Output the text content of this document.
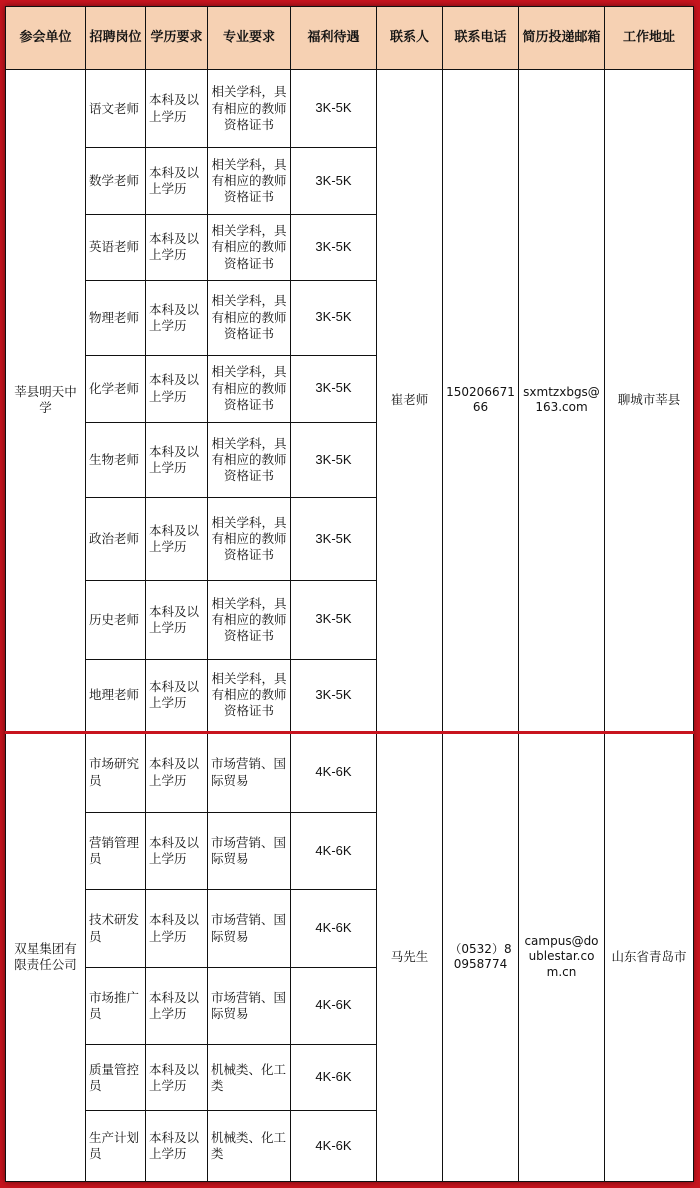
参会单位	招聘岗位	学历要求	专业要求	福利待遇	联系人	联系电话	简历投递邮箱	工作地址
莘县明天中学	语文老师	本科及以上学历	相关学科，具有相应的教师资格证书	3K-5K	崔老师	15020667166	sxmtzxbgs@163.com	聊城市莘县
	数学老师	本科及以上学历	相关学科，具有相应的教师资格证书	3K-5K				
	英语老师	本科及以上学历	相关学科，具有相应的教师资格证书	3K-5K				
	物理老师	本科及以上学历	相关学科，具有相应的教师资格证书	3K-5K				
	化学老师	本科及以上学历	相关学科，具有相应的教师资格证书	3K-5K				
	生物老师	本科及以上学历	相关学科，具有相应的教师资格证书	3K-5K				
	政治老师	本科及以上学历	相关学科，具有相应的教师资格证书	3K-5K				
	历史老师	本科及以上学历	相关学科，具有相应的教师资格证书	3K-5K				
	地理老师	本科及以上学历	相关学科，具有相应的教师资格证书	3K-5K				
双星集团有限责任公司	市场研究员	本科及以上学历	市场营销、国际贸易	4K-6K	马先生	（0532）80958774	campus@doublestar.com.cn	山东省青岛市
	营销管理员	本科及以上学历	市场营销、国际贸易	4K-6K				
	技术研发员	本科及以上学历	市场营销、国际贸易	4K-6K				
	市场推广员	本科及以上学历	市场营销、国际贸易	4K-6K				
	质量管控员	本科及以上学历	机械类、化工类	4K-6K				
	生产计划员	本科及以上学历	机械类、化工类	4K-6K				
